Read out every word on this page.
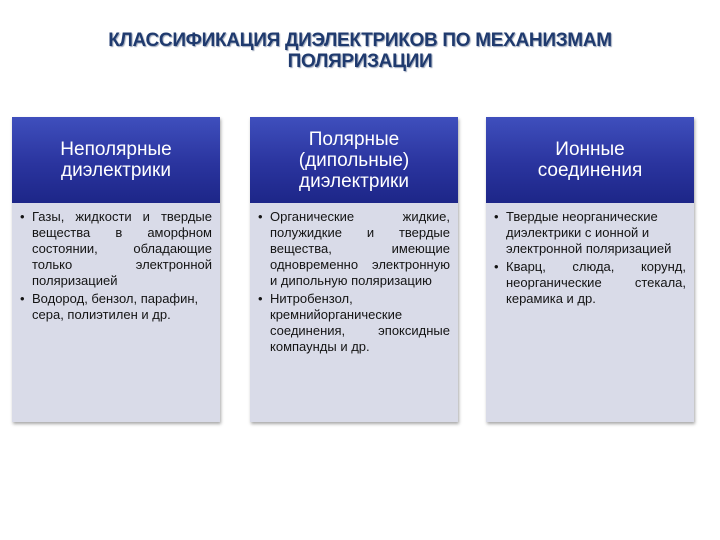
КЛАССИФИКАЦИЯ ДИЭЛЕКТРИКОВ ПО МЕХАНИЗМАМ
ПОЛЯРИЗАЦИИ
Неполярные
диэлектрики
• Газы, жидкости и твердые вещества в аморфном состоянии, обладающие только электронной поляризацией
• Водород, бензол, парафин, сера, полиэтилен и др.
Полярные
(дипольные)
диэлектрики
• Органические жидкие, полужидкие и твердые вещества, имеющие одновременно электронную и дипольную поляризацию
• Нитробензол, кремнийорганические соединения, эпоксидные компаунды и др.
Ионные
соединения
• Твердые неорганические диэлектрики с ионной и электронной поляризацией
• Кварц, слюда, корунд, неорганические стекала, керамика и др.
